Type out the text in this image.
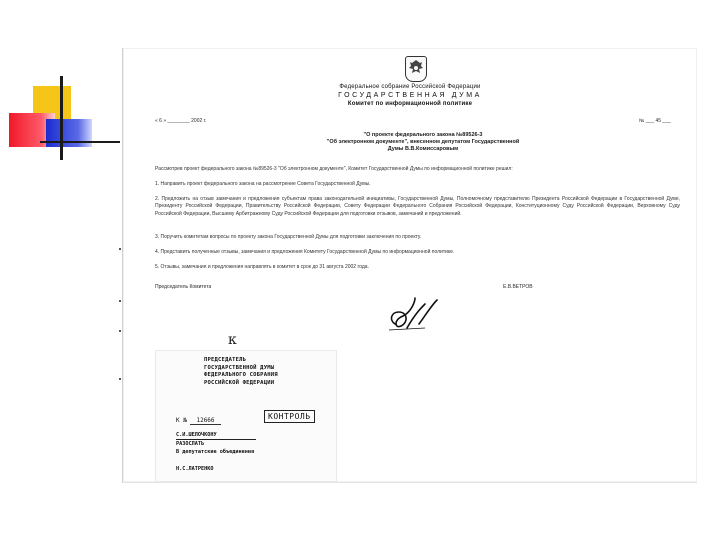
Федеральное собрание Российской Федерации
ГОСУДАРСТВЕННАЯ ДУМА
Комитет по информационной политике
« 6 » ________ 2002 г.	№ ___ 45 ___
"О проекте федерального закона №89526-3
"Об электронном документе", внесенном депутатом Государственной
Думы В.В.Комиссаровым
Рассмотрев проект федерального закона №89526-3 "Об электронном документе", Комитет Государственной Думы по информационной политике решил:
1. Направить проект федерального закона на рассмотрение Совета Государственной Думы.
2. Предложить на отзыв замечания и предложения субъектам права законодательной инициативы, Государственной Думы, Полномочному представителю Президента Российской Федерации в Государственной Думе, Президенту Российской Федерации, Правительству Российской Федерации, Совету Федерации Федерального Собрания Российской Федерации, Конституционному Суду Российской Федерации, Верховному Суду Российской Федерации, Высшему Арбитражному Суду Российской Федерации для подготовки отзывов, замечаний и предложений.
3. Поручить комитетам вопросы по проекту закона Государственной Думы для подготовки заключения по проекту.
4. Представить полученные отзывы, замечания и предложения Комитету Государственной Думы по информационной политике.
5. Отзывы, замечания и предложения направлять в комитет в срок до 31 августа 2002 года.
Председатель Комитета	Е.В.ВЕТРОВ
ПРЕДСЕДАТЕЛЬ
ГОСУДАРСТВЕННОЙ ДУМЫ
ФЕДЕРАЛЬНОГО СОБРАНИЯ
РОССИЙСКОЙ ФЕДЕРАЦИИ
К № 12666	КОНТРОЛЬ
С.И.ШЕЛОЧКОНУ
РАЗОСЛАТЬ
В депутатские объединения

Н.С.ЛАТРЕНКО
к
